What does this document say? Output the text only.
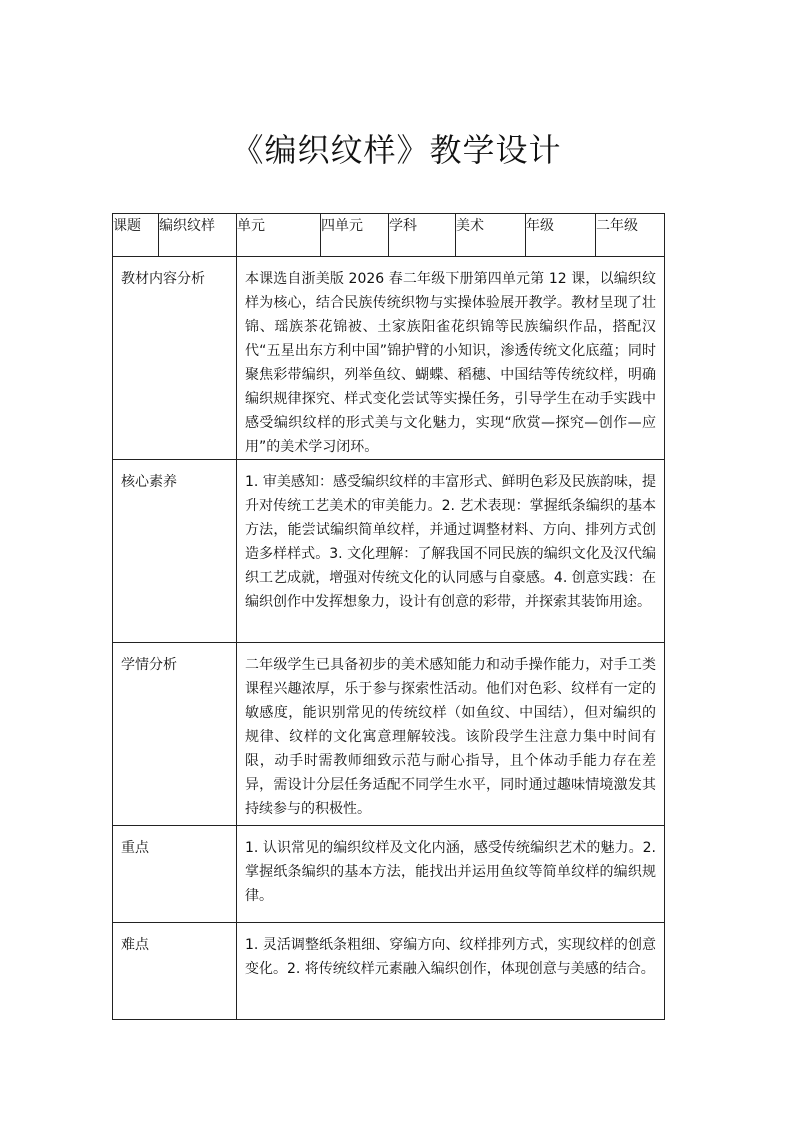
《编织纹样》教学设计
课题	编织纹样	单元	四单元	学科	美术	年级	二年级
教材内容分析		本课选自浙美版 2026 春二年级下册第四单元第 12 课，以编织纹样为核心，结合民族传统织物与实操体验展开教学。教材呈现了壮锦、瑶族茶花锦被、土家族阳雀花织锦等民族编织作品，搭配汉代“五星出东方利中国”锦护臂的小知识，渗透传统文化底蕴；同时聚焦彩带编织，列举鱼纹、蝴蝶、稻穗、中国结等传统纹样，明确编织规律探究、样式变化尝试等实操任务，引导学生在动手实践中感受编织纹样的形式美与文化魅力，实现“欣赏—探究—创作—应用”的美术学习闭环。					
核心素养		1. 审美感知：感受编织纹样的丰富形式、鲜明色彩及民族韵味，提升对传统工艺美术的审美能力。2. 艺术表现：掌握纸条编织的基本方法，能尝试编织简单纹样，并通过调整材料、方向、排列方式创造多样样式。3. 文化理解：了解我国不同民族的编织文化及汉代编织工艺成就，增强对传统文化的认同感与自豪感。4. 创意实践：在编织创作中发挥想象力，设计有创意的彩带，并探索其装饰用途。					
学情分析		二年级学生已具备初步的美术感知能力和动手操作能力，对手工类课程兴趣浓厚，乐于参与探索性活动。他们对色彩、纹样有一定的敏感度，能识别常见的传统纹样（如鱼纹、中国结），但对编织的规律、纹样的文化寓意理解较浅。该阶段学生注意力集中时间有限，动手时需教师细致示范与耐心指导，且个体动手能力存在差异，需设计分层任务适配不同学生水平，同时通过趣味情境激发其持续参与的积极性。					
重点		1. 认识常见的编织纹样及文化内涵，感受传统编织艺术的魅力。2. 掌握纸条编织的基本方法，能找出并运用鱼纹等简单纹样的编织规律。					
难点		1. 灵活调整纸条粗细、穿编方向、纹样排列方式，实现纹样的创意变化。2. 将传统纹样元素融入编织创作，体现创意与美感的结合。					
